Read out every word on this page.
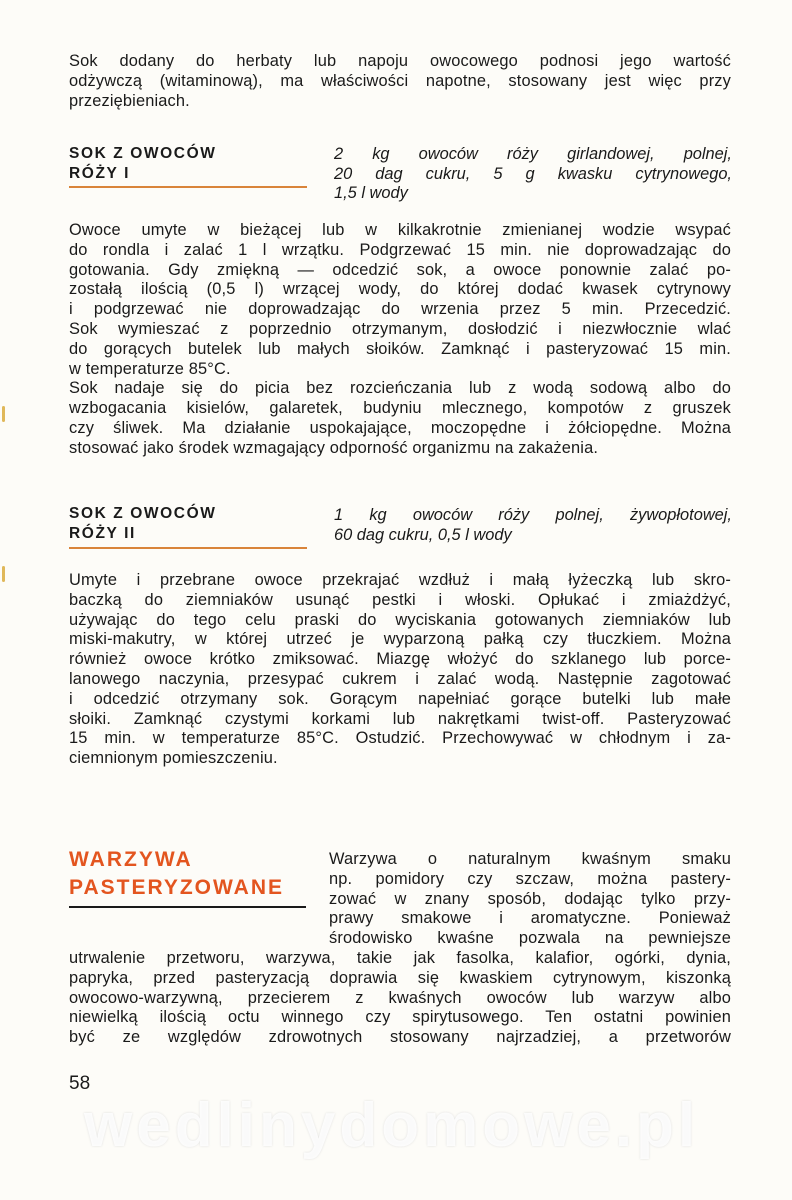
Sok dodany do herbaty lub napoju owocowego podnosi jego wartość
odżywczą (witaminową), ma właściwości napotne, stosowany jest więc przy
przeziębieniach.
SOK Z OWOCÓW
RÓŻY I
2 kg owoców róży girlandowej, polnej,
20 dag cukru, 5 g kwasku cytrynowego,
1,5 l wody
Owoce umyte w bieżącej lub w kilkakrotnie zmienianej wodzie wsypać
do rondla i zalać 1 l wrzątku. Podgrzewać 15 min. nie doprowadzając do
gotowania. Gdy zmiękną — odcedzić sok, a owoce ponownie zalać po-
zostałą ilością (0,5 l) wrzącej wody, do której dodać kwasek cytrynowy
i podgrzewać nie doprowadzając do wrzenia przez 5 min. Przecedzić.
Sok wymieszać z poprzednio otrzymanym, dosłodzić i niezwłocznie wlać
do gorących butelek lub małych słoików. Zamknąć i pasteryzować 15 min.
w temperaturze 85°C.
Sok nadaje się do picia bez rozcieńczania lub z wodą sodową albo do
wzbogacania kisielów, galaretek, budyniu mlecznego, kompotów z gruszek
czy śliwek. Ma działanie uspokajające, moczopędne i żółciopędne. Można
stosować jako środek wzmagający odporność organizmu na zakażenia.
SOK Z OWOCÓW
RÓŻY II
1 kg owoców róży polnej, żywopłotowej,
60 dag cukru, 0,5 l wody
Umyte i przebrane owoce przekrajać wzdłuż i małą łyżeczką lub skro-
baczką do ziemniaków usunąć pestki i włoski. Opłukać i zmiażdżyć,
używając do tego celu praski do wyciskania gotowanych ziemniaków lub
miski-makutry, w której utrzeć je wyparzoną pałką czy tłuczkiem. Można
również owoce krótko zmiksować. Miazgę włożyć do szklanego lub porce-
lanowego naczynia, przesypać cukrem i zalać wodą. Następnie zagotować
i odcedzić otrzymany sok. Gorącym napełniać gorące butelki lub małe
słoiki. Zamknąć czystymi korkami lub nakrętkami twist-off. Pasteryzować
15 min. w temperaturze 85°C. Ostudzić. Przechowywać w chłodnym i za-
ciemnionym pomieszczeniu.
WARZYWA
PASTERYZOWANE
Warzywa o naturalnym kwaśnym smaku
np. pomidory czy szczaw, można pastery-
zować w znany sposób, dodając tylko przy-
prawy smakowe i aromatyczne. Ponieważ
środowisko kwaśne pozwala na pewniejsze
utrwalenie przetworu, warzywa, takie jak fasolka, kalafior, ogórki, dynia,
papryka, przed pasteryzacją doprawia się kwaskiem cytrynowym, kiszonką
owocowo-warzywną, przecierem z kwaśnych owoców lub warzyw albo
niewielką ilością octu winnego czy spirytusowego. Ten ostatni powinien
być ze względów zdrowotnych stosowany najrzadziej, a przetworów
58
wedlinydomowe.pl
